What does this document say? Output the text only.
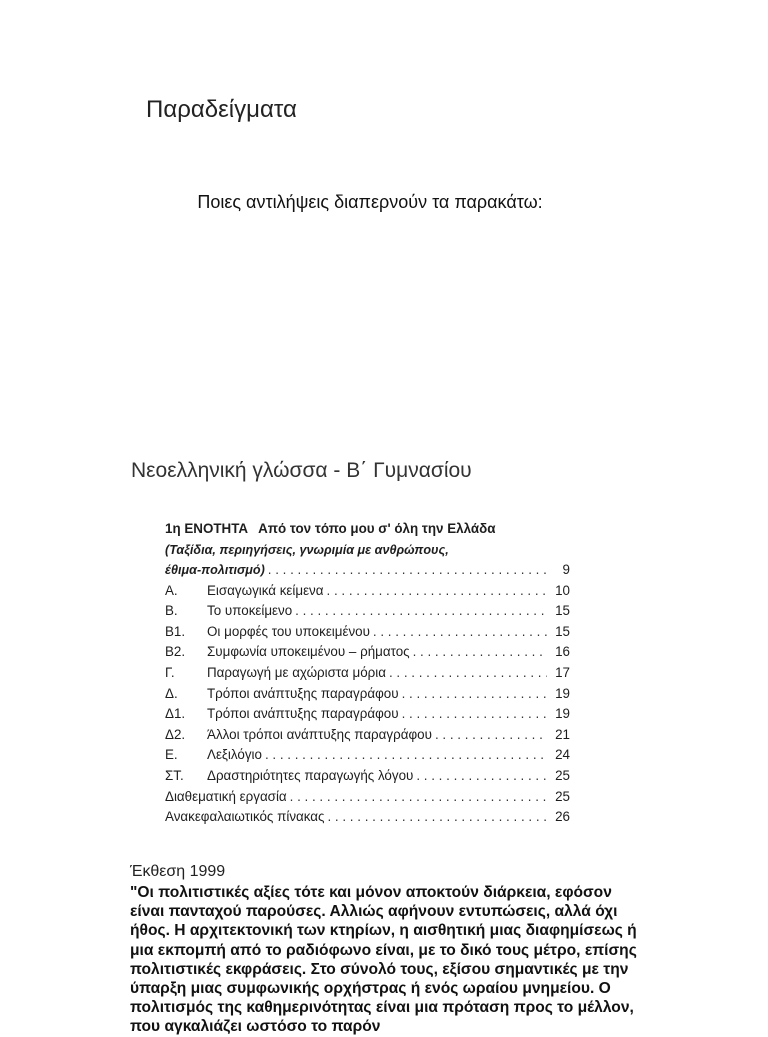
Παραδείγματα
Ποιες αντιλήψεις διαπερνούν τα παρακάτω:
Νεοελληνική γλώσσα - Β΄ Γυμνασίου
1η ΕΝΟΤΗΤΑ Από τον τόπο μου σ' όλη την Ελλάδα
(Ταξίδια, περιηγήσεις, γνωριμία με ανθρώπους,
έθιμα-πολιτισμό) . . .	9
Α.	Εισαγωγικά κείμενα . . .	10
Β.	Το υποκείμενο . . .	15
Β1.	Οι μορφές του υποκειμένου . . .	15
Β2.	Συμφωνία υποκειμένου – ρήματος . . .	16
Γ.	Παραγωγή με αχώριστα μόρια . . .	17
Δ.	Τρόποι ανάπτυξης παραγράφου . . .	19
Δ1.	Τρόποι ανάπτυξης παραγράφου . . .	19
Δ2.	Άλλοι τρόποι ανάπτυξης παραγράφου . . .	21
Ε.	Λεξιλόγιο . . .	24
ΣΤ.	Δραστηριότητες παραγωγής λόγου . . .	25
Διαθεματική εργασία . . .	25
Ανακεφαλαιωτικός πίνακας . . .	26
Έκθεση 1999
"Οι πολιτιστικές αξίες τότε και μόνον αποκτούν διάρκεια, εφόσον είναι πανταχού παρούσες. Αλλιώς αφήνουν εντυπώσεις, αλλά όχι ήθος. Η αρχιτεκτονική των κτηρίων, η αισθητική μιας διαφημίσεως ή μια εκπομπή από το ραδιόφωνο είναι, με το δικό τους μέτρο, επίσης πολιτιστικές εκφράσεις. Στο σύνολό τους, εξίσου σημαντικές με την ύπαρξη μιας συμφωνικής ορχήστρας ή ενός ωραίου μνημείου. Ο πολιτισμός της καθημερινότητας είναι μια πρόταση προς το μέλλον, που αγκαλιάζει ωστόσο το παρόν
